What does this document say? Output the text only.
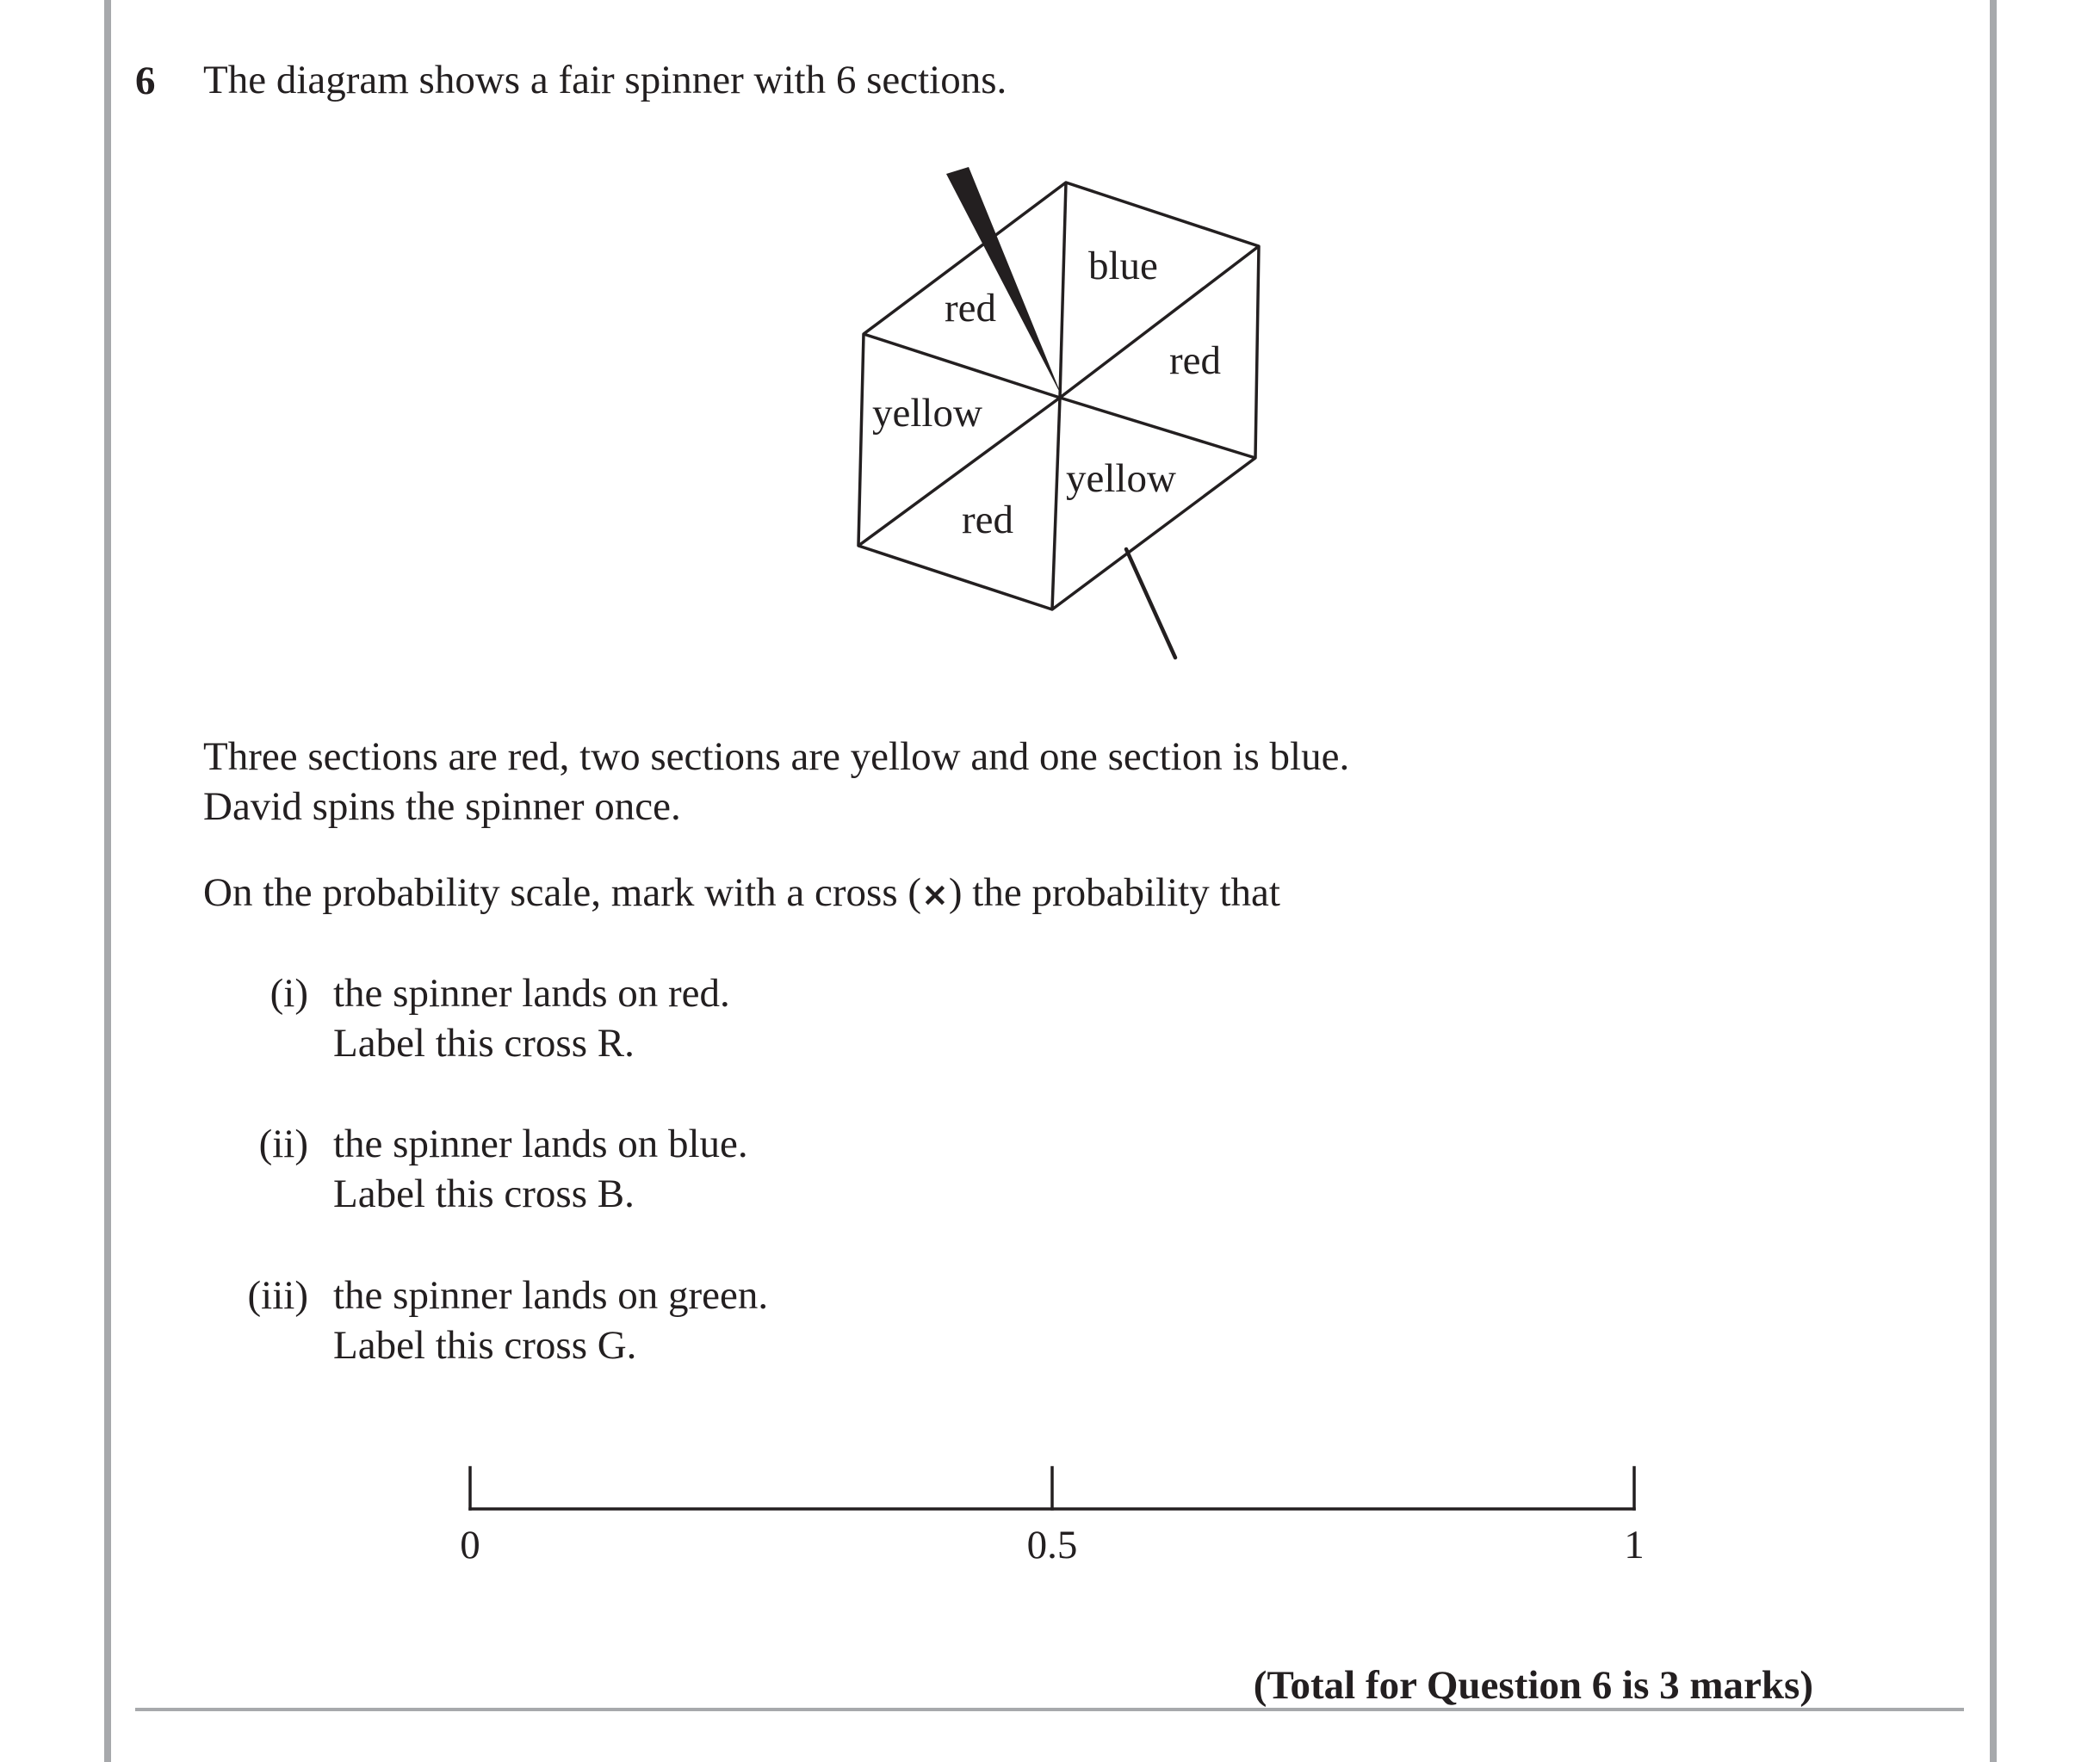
6 The diagram shows a fair spinner with 6 sections.
blue
red
yellow
red
yellow
red
Three sections are red, two sections are yellow and one section is blue.
David spins the spinner once.
On the probability scale, mark with a cross (×) the probability that
(i) the spinner lands on red.
Label this cross R.
(ii) the spinner lands on blue.
Label this cross B.
(iii) the spinner lands on green.
Label this cross G.
0	0.5	1
(Total for Question 6 is 3 marks)
